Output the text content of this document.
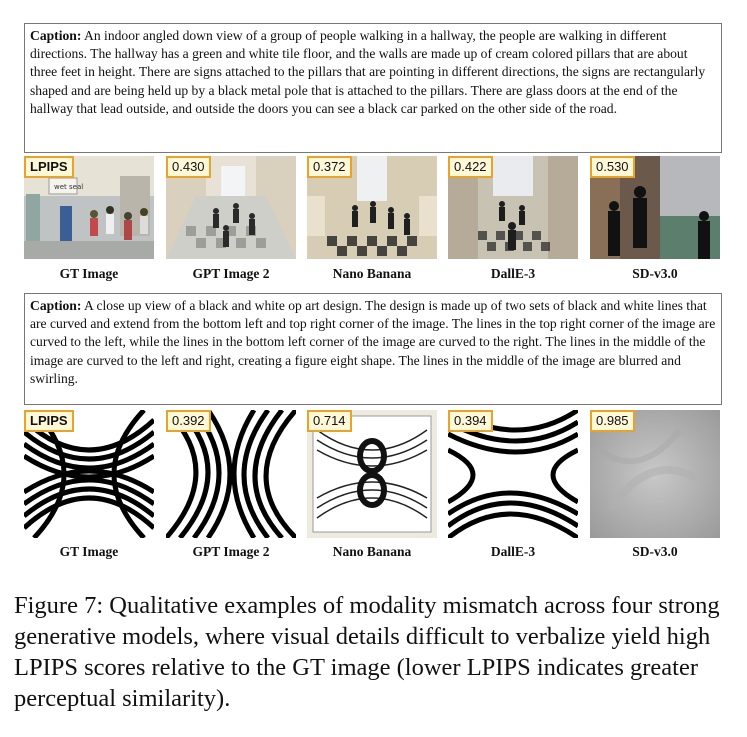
Caption: An indoor angled down view of a group of people walking in a hallway, the people are walking in different directions. The hallway has a green and white tile floor, and the walls are made up of cream colored pillars that are about three feet in height. There are signs attached to the pillars that are pointing in different directions, the signs are rectangularly shaped and are being held up by a black metal pole that is attached to the pillars. There are glass doors at the end of the hallway that lead outside, and outside the doors you can see a black car parked on the other side of the road.
wet seal
LPIPS
GT Image
0.430
GPT Image 2
0.372
Nano Banana
0.422
DallE-3
0.530
SD-v3.0
Caption: A close up view of a black and white op art design. The design is made up of two sets of black and white lines that are curved and extend from the bottom left and top right corner of the image. The lines in the top right corner of the image are curved to the left, while the lines in the bottom left corner of the image are curved to the right. The lines in the middle of the image are curved to the left and right, creating a figure eight shape. The lines in the middle of the image are blurred and swirling.
LPIPS
GT Image
0.392
GPT Image 2
0.714
Nano Banana
0.394
DallE-3
0.985
SD-v3.0
Figure 7: Qualitative examples of modality mismatch across four strong generative models, where visual details difficult to verbalize yield high LPIPS scores relative to the GT image (lower LPIPS indicates greater perceptual similarity).
